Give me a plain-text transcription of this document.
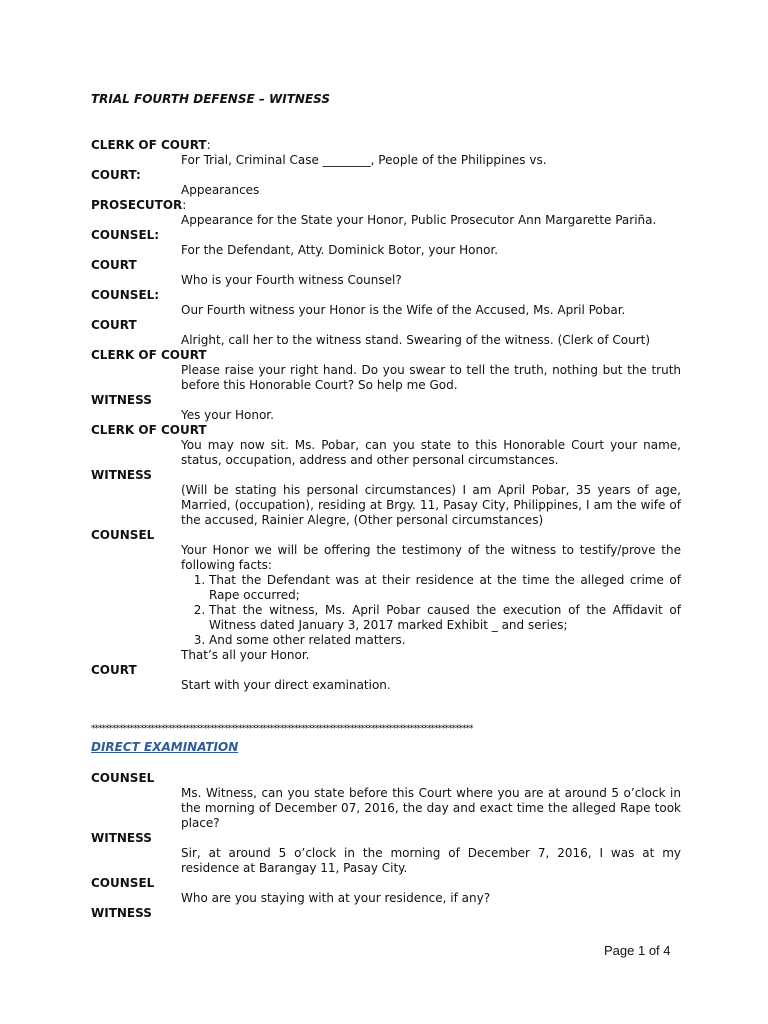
TRIAL FOURTH DEFENSE – WITNESS
CLERK OF COURT:
For Trial, Criminal Case ________, People of the Philippines vs.
COURT:
Appearances
PROSECUTOR:
Appearance for the State your Honor, Public Prosecutor Ann Margarette Pariña.
COUNSEL:
For the Defendant, Atty. Dominick Botor, your Honor.
COURT
Who is your Fourth witness Counsel?
COUNSEL:
Our Fourth witness your Honor is the Wife of the Accused, Ms. April Pobar.
COURT
Alright, call her to the witness stand. Swearing of the witness. (Clerk of Court)
CLERK OF COURT
Please raise your right hand. Do you swear to tell the truth, nothing but the truth before this Honorable Court? So help me God.
WITNESS
Yes your Honor.
CLERK OF COURT
You may now sit. Ms. Pobar, can you state to this Honorable Court your name, status, occupation, address and other personal circumstances.
WITNESS
(Will be stating his personal circumstances) I am April Pobar, 35 years of age, Married, (occupation), residing at Brgy. 11, Pasay City, Philippines, I am the wife of the accused, Rainier Alegre, (Other personal circumstances)
COUNSEL
Your Honor we will be offering the testimony of the witness to testify/prove the following facts:
1. That the Defendant was at their residence at the time the alleged crime of Rape occurred;
2. That the witness, Ms. April Pobar caused the execution of the Affidavit of Witness dated January 3, 2017 marked Exhibit _ and series;
3. And some other related matters.
That’s all your Honor.
COURT
Start with your direct examination.
*************************************************************************************************************
DIRECT EXAMINATION
COUNSEL
Ms. Witness, can you state before this Court where you are at around 5 o’clock in the morning of December 07, 2016, the day and exact time the alleged Rape took place?
WITNESS
Sir, at around 5 o’clock in the morning of December 7, 2016, I was at my residence at Barangay 11, Pasay City.
COUNSEL
Who are you staying with at your residence, if any?
WITNESS
Page 1 of 4
